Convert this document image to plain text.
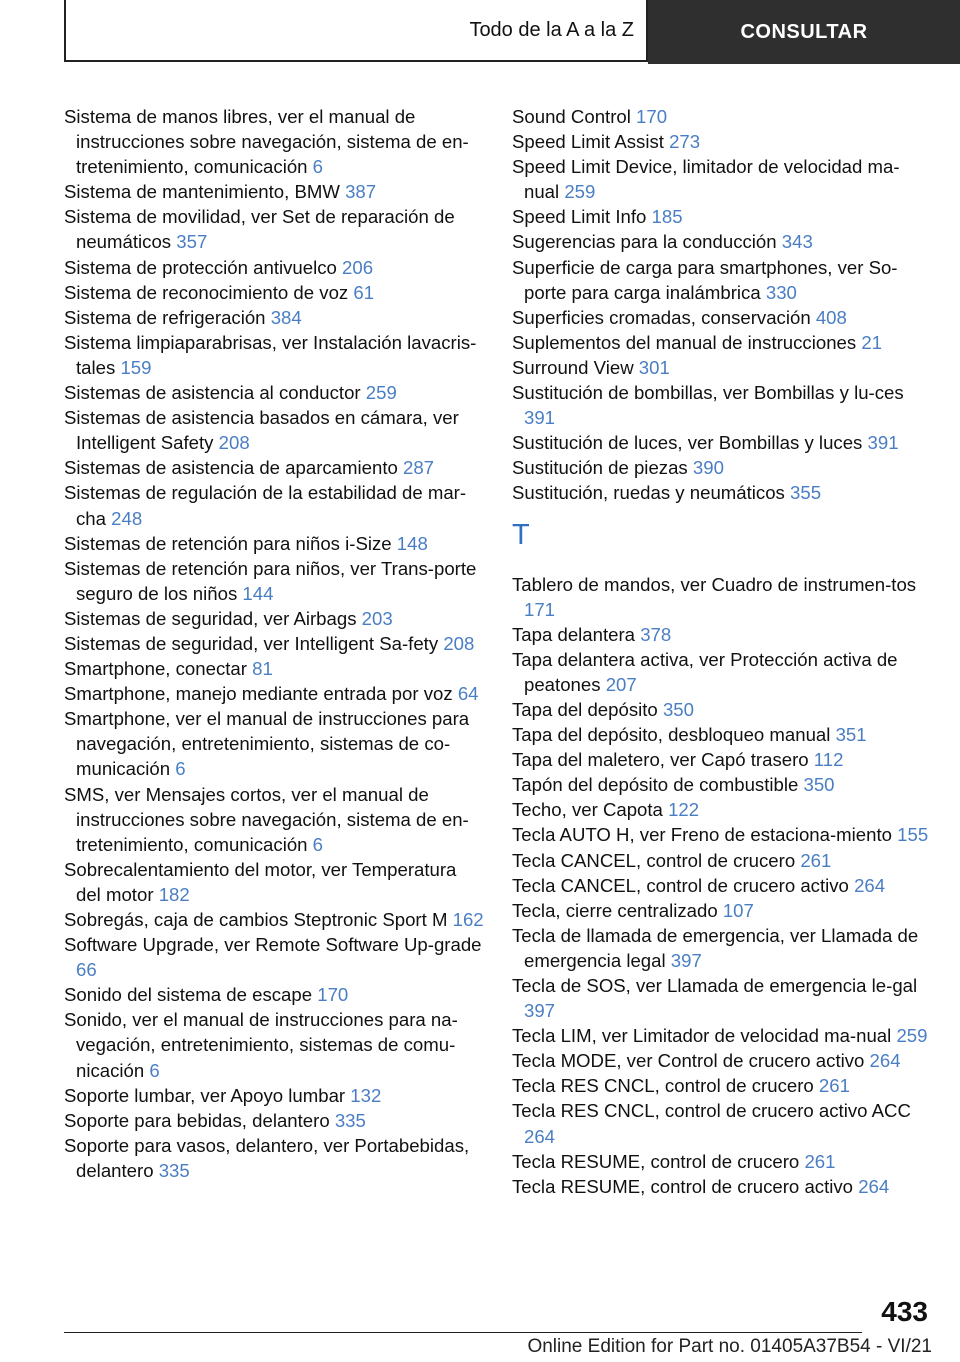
Todo de la A a la Z	CONSULTAR
Sistema de manos libres, ver el manual de instrucciones sobre navegación, sistema de en-tretenimiento, comunicación 6
Sistema de mantenimiento, BMW 387
Sistema de movilidad, ver Set de reparación de neumáticos 357
Sistema de protección antivuelco 206
Sistema de reconocimiento de voz 61
Sistema de refrigeración 384
Sistema limpiaparabrisas, ver Instalación lavacris-tales 159
Sistemas de asistencia al conductor 259
Sistemas de asistencia basados en cámara, ver Intelligent Safety 208
Sistemas de asistencia de aparcamiento 287
Sistemas de regulación de la estabilidad de mar-cha 248
Sistemas de retención para niños i-Size 148
Sistemas de retención para niños, ver Trans-porte seguro de los niños 144
Sistemas de seguridad, ver Airbags 203
Sistemas de seguridad, ver Intelligent Sa-fety 208
Smartphone, conectar 81
Smartphone, manejo mediante entrada por voz 64
Smartphone, ver el manual de instrucciones para navegación, entretenimiento, sistemas de co-municación 6
SMS, ver Mensajes cortos, ver el manual de instrucciones sobre navegación, sistema de en-tretenimiento, comunicación 6
Sobrecalentamiento del motor, ver Temperatura del motor 182
Sobregás, caja de cambios Steptronic Sport M 162
Software Upgrade, ver Remote Software Up-grade 66
Sonido del sistema de escape 170
Sonido, ver el manual de instrucciones para na-vegación, entretenimiento, sistemas de comu-nicación 6
Soporte lumbar, ver Apoyo lumbar 132
Soporte para bebidas, delantero 335
Soporte para vasos, delantero, ver Portabebidas, delantero 335
Sound Control 170
Speed Limit Assist 273
Speed Limit Device, limitador de velocidad ma-nual 259
Speed Limit Info 185
Sugerencias para la conducción 343
Superficie de carga para smartphones, ver So-porte para carga inalámbrica 330
Superficies cromadas, conservación 408
Suplementos del manual de instrucciones 21
Surround View 301
Sustitución de bombillas, ver Bombillas y lu-ces 391
Sustitución de luces, ver Bombillas y luces 391
Sustitución de piezas 390
Sustitución, ruedas y neumáticos 355
T
Tablero de mandos, ver Cuadro de instrumen-tos 171
Tapa delantera 378
Tapa delantera activa, ver Protección activa de peatones 207
Tapa del depósito 350
Tapa del depósito, desbloqueo manual 351
Tapa del maletero, ver Capó trasero 112
Tapón del depósito de combustible 350
Techo, ver Capota 122
Tecla AUTO H, ver Freno de estaciona-miento 155
Tecla CANCEL, control de crucero 261
Tecla CANCEL, control de crucero activo 264
Tecla, cierre centralizado 107
Tecla de llamada de emergencia, ver Llamada de emergencia legal 397
Tecla de SOS, ver Llamada de emergencia le-gal 397
Tecla LIM, ver Limitador de velocidad ma-nual 259
Tecla MODE, ver Control de crucero activo 264
Tecla RES CNCL, control de crucero 261
Tecla RES CNCL, control de crucero activo ACC 264
Tecla RESUME, control de crucero 261
Tecla RESUME, control de crucero activo 264
433
Online Edition for Part no. 01405A37B54 - VI/21
